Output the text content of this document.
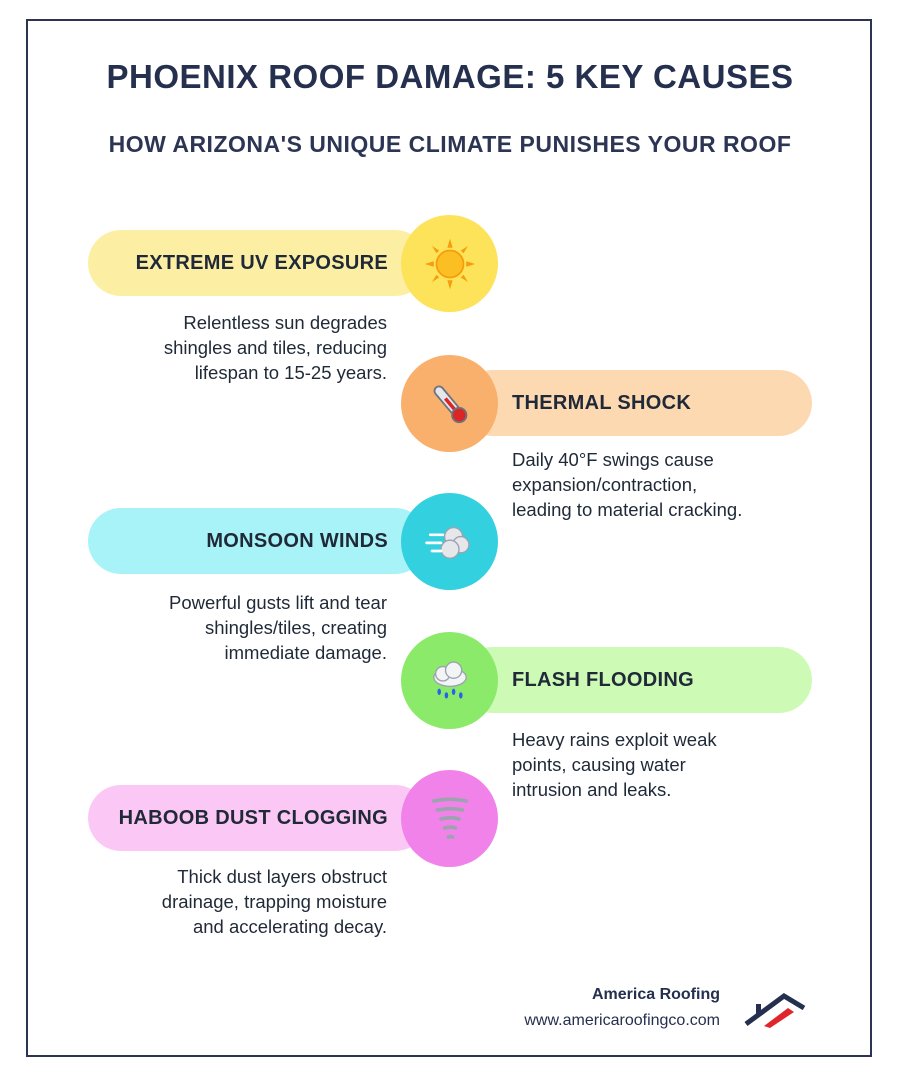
PHOENIX ROOF DAMAGE: 5 KEY CAUSES
HOW ARIZONA'S UNIQUE CLIMATE PUNISHES YOUR ROOF
EXTREME UV EXPOSURE

Relentless sun degrades
shingles and tiles, reducing
lifespan to 15-25 years.

THERMAL SHOCK

Daily 40°F swings cause
expansion/contraction,
leading to material cracking.

MONSOON WINDS

Powerful gusts lift and tear
shingles/tiles, creating
immediate damage.

FLASH FLOODING

Heavy rains exploit weak
points, causing water
intrusion and leaks.

HABOOB DUST CLOGGING

Thick dust layers obstruct
drainage, trapping moisture
and accelerating decay.

America Roofing
www.americaroofingco.com
